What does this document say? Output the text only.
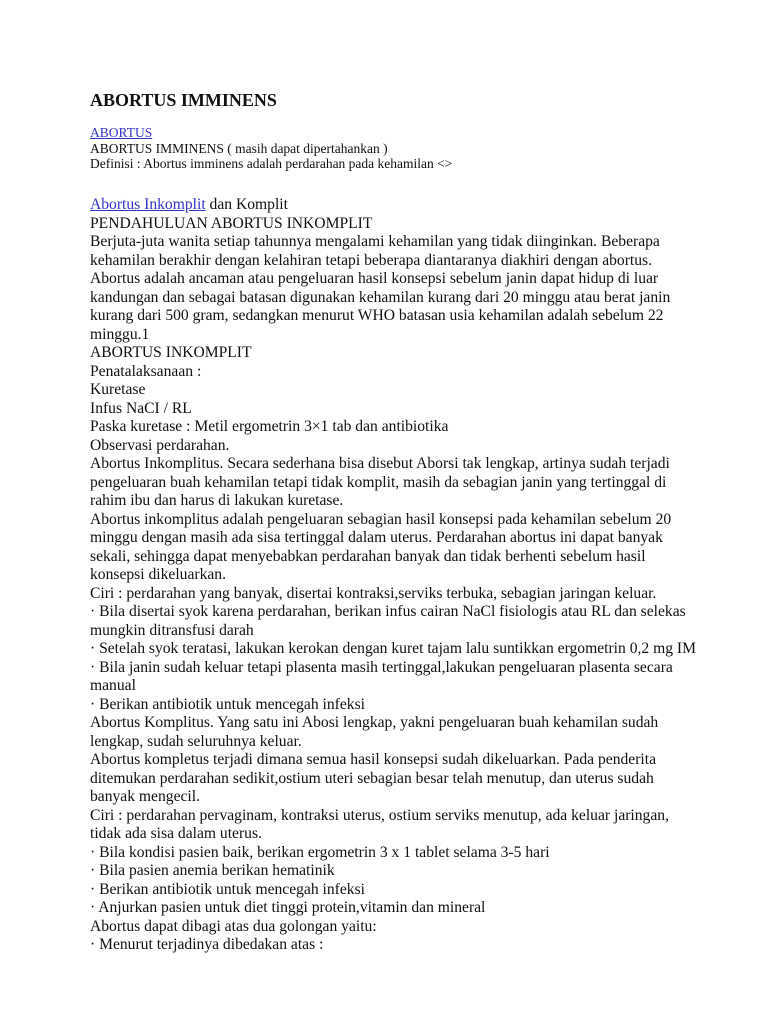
ABORTUS IMMINENS
ABORTUS
ABORTUS IMMINENS ( masih dapat dipertahankan )
Definisi : Abortus imminens adalah perdarahan pada kehamilan <>
Abortus Inkomplit dan Komplit
PENDAHULUAN ABORTUS INKOMPLIT
Berjuta-juta wanita setiap tahunnya mengalami kehamilan yang tidak diinginkan. Beberapa
kehamilan berakhir dengan kelahiran tetapi beberapa diantaranya diakhiri dengan abortus.
Abortus adalah ancaman atau pengeluaran hasil konsepsi sebelum janin dapat hidup di luar
kandungan dan sebagai batasan digunakan kehamilan kurang dari 20 minggu atau berat janin
kurang dari 500 gram, sedangkan menurut WHO batasan usia kehamilan adalah sebelum 22
minggu.1
ABORTUS INKOMPLIT
Penatalaksanaan :
Kuretase
Infus NaCI / RL
Paska kuretase : Metil ergometrin 3×1 tab dan antibiotika
Observasi perdarahan.
Abortus Inkomplitus. Secara sederhana bisa disebut Aborsi tak lengkap, artinya sudah terjadi
pengeluaran buah kehamilan tetapi tidak komplit, masih da sebagian janin yang tertinggal di
rahim ibu dan harus di lakukan kuretase.
Abortus inkomplitus adalah pengeluaran sebagian hasil konsepsi pada kehamilan sebelum 20
minggu dengan masih ada sisa tertinggal dalam uterus. Perdarahan abortus ini dapat banyak
sekali, sehingga dapat menyebabkan perdarahan banyak dan tidak berhenti sebelum hasil
konsepsi dikeluarkan.
Ciri : perdarahan yang banyak, disertai kontraksi,serviks terbuka, sebagian jaringan keluar.
· Bila disertai syok karena perdarahan, berikan infus cairan NaCl fisiologis atau RL dan selekas
mungkin ditransfusi darah
· Setelah syok teratasi, lakukan kerokan dengan kuret tajam lalu suntikkan ergometrin 0,2 mg IM
· Bila janin sudah keluar tetapi plasenta masih tertinggal,lakukan pengeluaran plasenta secara
manual
· Berikan antibiotik untuk mencegah infeksi
Abortus Komplitus. Yang satu ini Abosi lengkap, yakni pengeluaran buah kehamilan sudah
lengkap, sudah seluruhnya keluar.
Abortus kompletus terjadi dimana semua hasil konsepsi sudah dikeluarkan. Pada penderita
ditemukan perdarahan sedikit,ostium uteri sebagian besar telah menutup, dan uterus sudah
banyak mengecil.
Ciri : perdarahan pervaginam, kontraksi uterus, ostium serviks menutup, ada keluar jaringan,
tidak ada sisa dalam uterus.
· Bila kondisi pasien baik, berikan ergometrin 3 x 1 tablet selama 3-5 hari
· Bila pasien anemia berikan hematinik
· Berikan antibiotik untuk mencegah infeksi
· Anjurkan pasien untuk diet tinggi protein,vitamin dan mineral
Abortus dapat dibagi atas dua golongan yaitu:
· Menurut terjadinya dibedakan atas :
